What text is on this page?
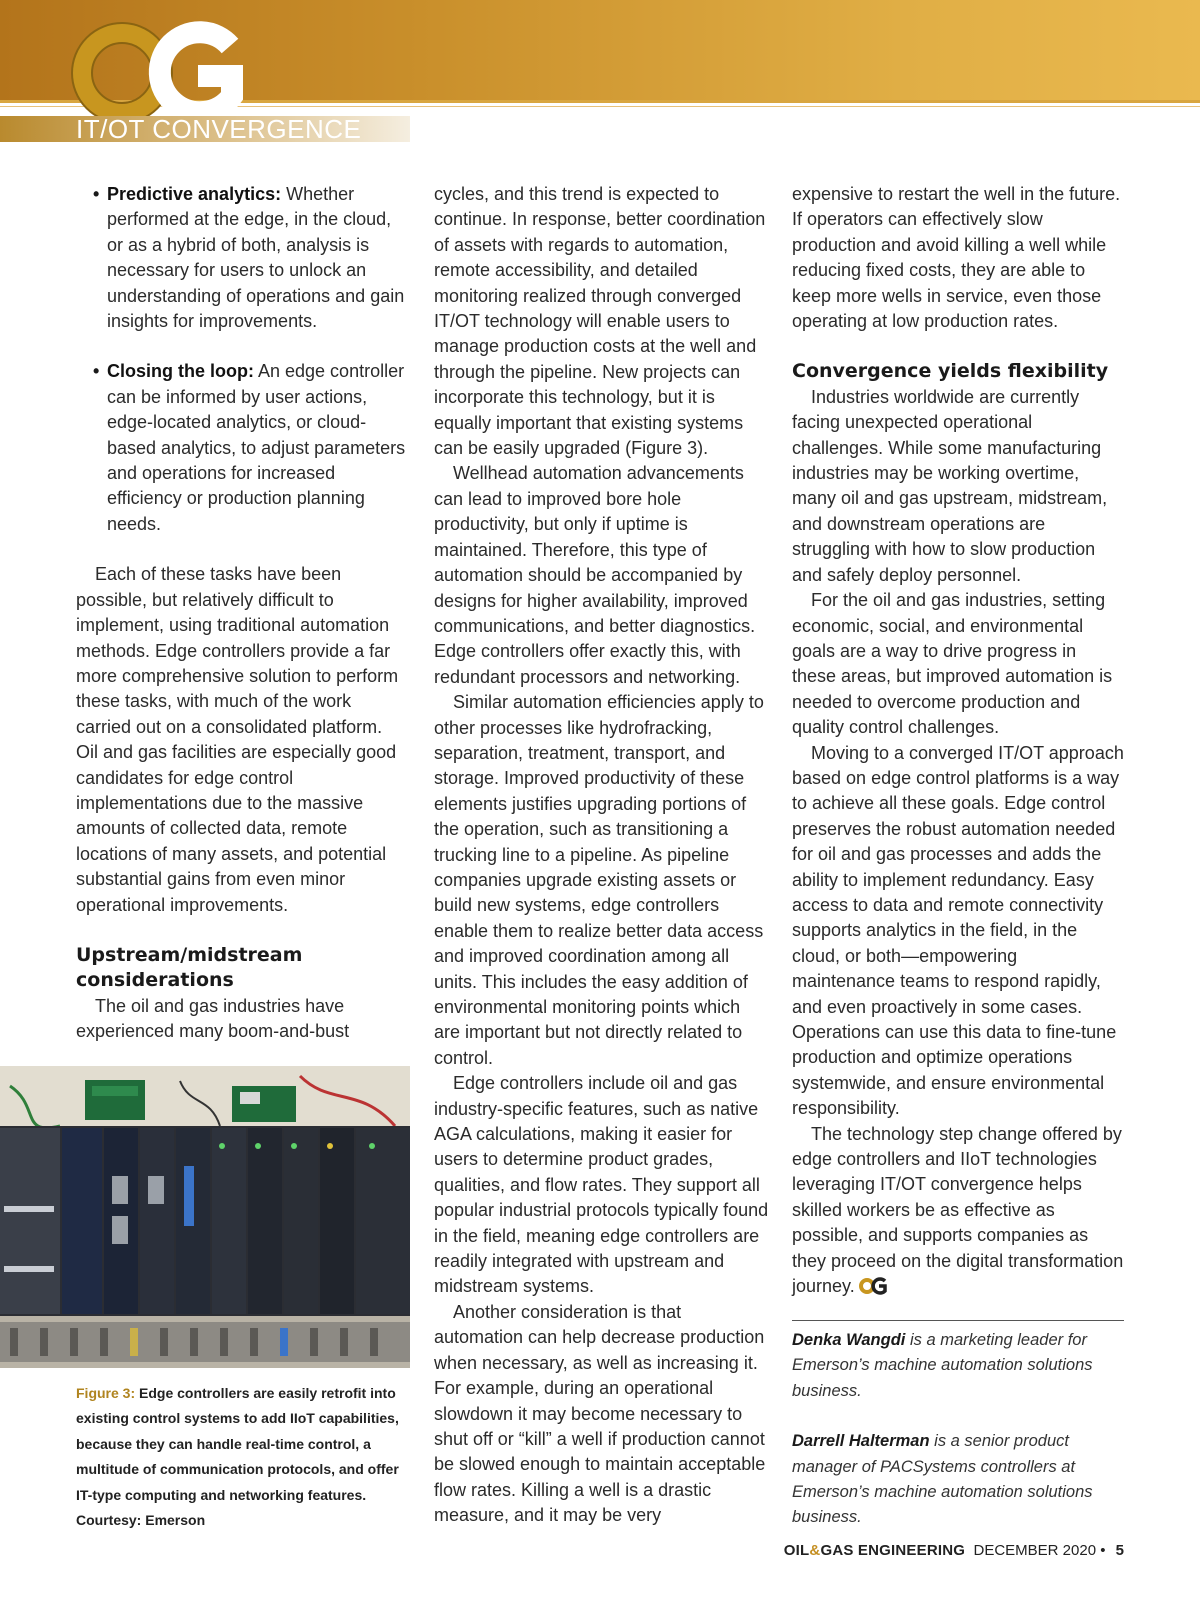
IT/OT CONVERGENCE
• Predictive analytics: Whether performed at the edge, in the cloud, or as a hybrid of both, analysis is necessary for users to unlock an understanding of operations and gain insights for improvements.
• Closing the loop: An edge controller can be informed by user actions, edge-located analytics, or cloud-based analytics, to adjust parameters and operations for increased efficiency or production planning needs.

Each of these tasks have been possible, but relatively difficult to implement, using traditional automation methods. Edge controllers provide a far more comprehensive solution to perform these tasks, with much of the work carried out on a consolidated platform. Oil and gas facilities are especially good candidates for edge control implementations due to the massive amounts of collected data, remote locations of many assets, and potential substantial gains from even minor operational improvements.

Upstream/midstream considerations

The oil and gas industries have experienced many boom-and-bust

Figure 3: Edge controllers are easily retrofit into existing control systems to add IIoT capabilities, because they can handle real-time control, a multitude of communication protocols, and offer IT-type computing and networking features. Courtesy: Emerson

cycles, and this trend is expected to continue. In response, better coordination of assets with regards to automation, remote accessibility, and detailed monitoring realized through converged IT/OT technology will enable users to manage production costs at the well and through the pipeline. New projects can incorporate this technology, but it is equally important that existing systems can be easily upgraded (Figure 3).

Wellhead automation advancements can lead to improved bore hole productivity, but only if uptime is maintained. Therefore, this type of automation should be accompanied by designs for higher availability, improved communications, and better diagnostics. Edge controllers offer exactly this, with redundant processors and networking.

Similar automation efficiencies apply to other processes like hydrofracking, separation, treatment, transport, and storage. Improved productivity of these elements justifies upgrading portions of the operation, such as transitioning a trucking line to a pipeline. As pipeline companies upgrade existing assets or build new systems, edge controllers enable them to realize better data access and improved coordination among all units. This includes the easy addition of environmental monitoring points which are important but not directly related to control.

Edge controllers include oil and gas industry-specific features, such as native AGA calculations, making it easier for users to determine product grades, qualities, and flow rates. They support all popular industrial protocols typically found in the field, meaning edge controllers are readily integrated with upstream and midstream systems.

Another consideration is that automation can help decrease production when necessary, as well as increasing it. For example, during an operational slowdown it may become necessary to shut off or “kill” a well if production cannot be slowed enough to maintain acceptable flow rates. Killing a well is a drastic measure, and it may be very

expensive to restart the well in the future. If operators can effectively slow production and avoid killing a well while reducing fixed costs, they are able to keep more wells in service, even those operating at low production rates.

Convergence yields flexibility

Industries worldwide are currently facing unexpected operational challenges. While some manufacturing industries may be working overtime, many oil and gas upstream, midstream, and downstream operations are struggling with how to slow production and safely deploy personnel.

For the oil and gas industries, setting economic, social, and environmental goals are a way to drive progress in these areas, but improved automation is needed to overcome production and quality control challenges.

Moving to a converged IT/OT approach based on edge control platforms is a way to achieve all these goals. Edge control preserves the robust automation needed for oil and gas processes and adds the ability to implement redundancy. Easy access to data and remote connectivity supports analytics in the field, in the cloud, or both—empowering maintenance teams to respond rapidly, and even proactively in some cases. Operations can use this data to fine-tune production and optimize operations systemwide, and ensure environmental responsibility.

The technology step change offered by edge controllers and IIoT technologies leveraging IT/OT convergence helps skilled workers be as effective as possible, and supports companies as they proceed on the digital transformation journey.

Denka Wangdi is a marketing leader for Emerson’s machine automation solutions business.

Darrell Halterman is a senior product manager of PACSystems controllers at Emerson’s machine automation solutions business.

OIL&GAS ENGINEERING DECEMBER 2020 • 5
